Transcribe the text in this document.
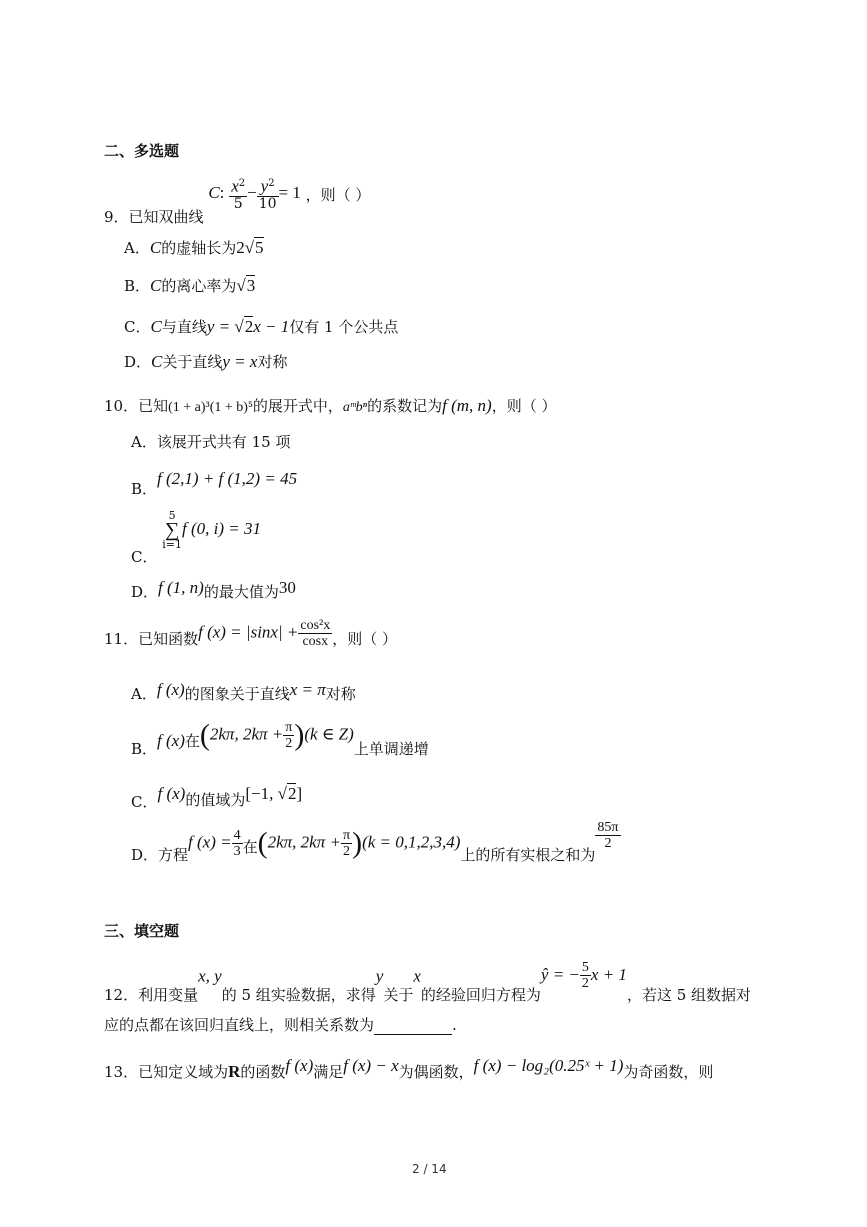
二、多选题
9．已知双曲线 C: $\frac{x^2}{5} - \frac{y^2}{10} = 1$ ，则（ ）
A．C的虚轴长为2√5
B．C的离心率为√3
C．C与直线y = √2x − 1仅有 1 个公共点
D．C关于直线y = x对称
10．已知(1 + a)³(1 + b)⁵的展开式中，aᵐbⁿ的系数记为f (m, n)，则（ ）
A．该展开式共有 15 项
B．f (2,1) + f (1,2) = 45
C．
5
∑
i=1
f (0, i) = 31
D．f (1, n)的最大值为30
11．已知函数f $(x) = |\sin x| + \frac{\text{cos²x}}{\cos x}$ ，则（ ）
A．f (x)的图象关于直线x = π对称
B．f (x)在(2kπ, $2k\pi + \frac{\pi}{2} )(k$ ∈ Z)上单调递增
C．f (x)的值域为[−1, √2]
D．方程f $(x) = \frac{4}{3}$ 在(2kπ, $2k\pi + \frac{\pi}{2} )(k = 0,1,2,3,4)$上的所有实根之和为
$\frac{85\pi}{2}$
三、填空题
12．利用变量x, y的 5 组实验数据，求得y关于x的经验回归方程为ŷ = − $\frac{5}{2}$ x + 1，若这 5 组数据对
应的点都在该回归直线上，则相关系数为	.
13．已知定义域为R的函数f (x)满足f (x) − x为偶函数，f (x) − log₂(0.25ˣ + 1)为奇函数，则
2 / 14
